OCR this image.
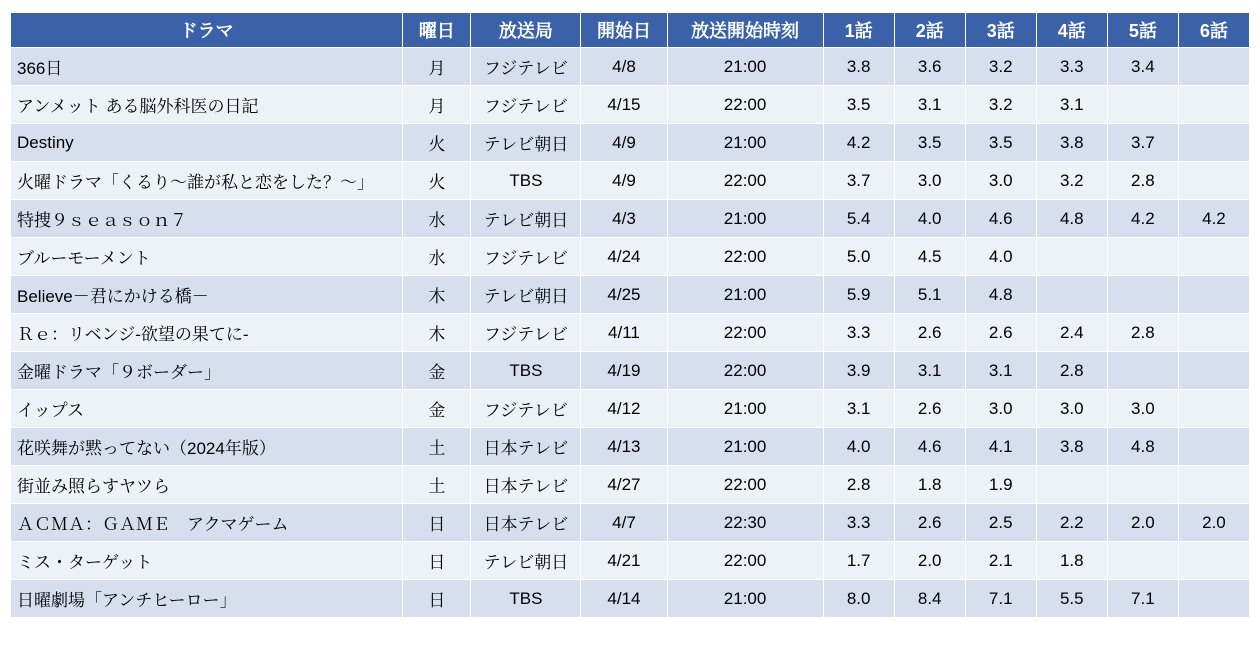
ドラマ	曜日	放送局	開始日	放送開始時刻	1話	2話	3話	4話	5話	6話
366日	月	フジテレビ	4/8	21:00	3.8	3.6	3.2	3.3	3.4	
アンメット ある脳外科医の日記	月	フジテレビ	4/15	22:00	3.5	3.1	3.2	3.1		
Destiny	火	テレビ朝日	4/9	21:00	4.2	3.5	3.5	3.8	3.7	
火曜ドラマ「くるり〜誰が私と恋をした？〜」	火	TBS	4/9	22:00	3.7	3.0	3.0	3.2	2.8	
特捜９ｓｅａｓｏｎ７	水	テレビ朝日	4/3	21:00	5.4	4.0	4.6	4.8	4.2	4.2
ブルーモーメント	水	フジテレビ	4/24	22:00	5.0	4.5	4.0			
Believe－君にかける橋－	木	テレビ朝日	4/25	21:00	5.9	5.1	4.8			
Ｒｅ：リベンジ-欲望の果てに-	木	フジテレビ	4/11	22:00	3.3	2.6	2.6	2.4	2.8	
金曜ドラマ「９ボーダー」	金	TBS	4/19	22:00	3.9	3.1	3.1	2.8		
イップス	金	フジテレビ	4/12	21:00	3.1	2.6	3.0	3.0	3.0	
花咲舞が黙ってない（2024年版）	土	日本テレビ	4/13	21:00	4.0	4.6	4.1	3.8	4.8	
街並み照らすヤツら	土	日本テレビ	4/27	22:00	2.8	1.8	1.9			
ＡＣＭＡ：ＧＡＭＥ　アクマゲーム	日	日本テレビ	4/7	22:30	3.3	2.6	2.5	2.2	2.0	2.0
ミス・ターゲット	日	テレビ朝日	4/21	22:00	1.7	2.0	2.1	1.8		
日曜劇場「アンチヒーロー」	日	TBS	4/14	21:00	8.0	8.4	7.1	5.5	7.1	
